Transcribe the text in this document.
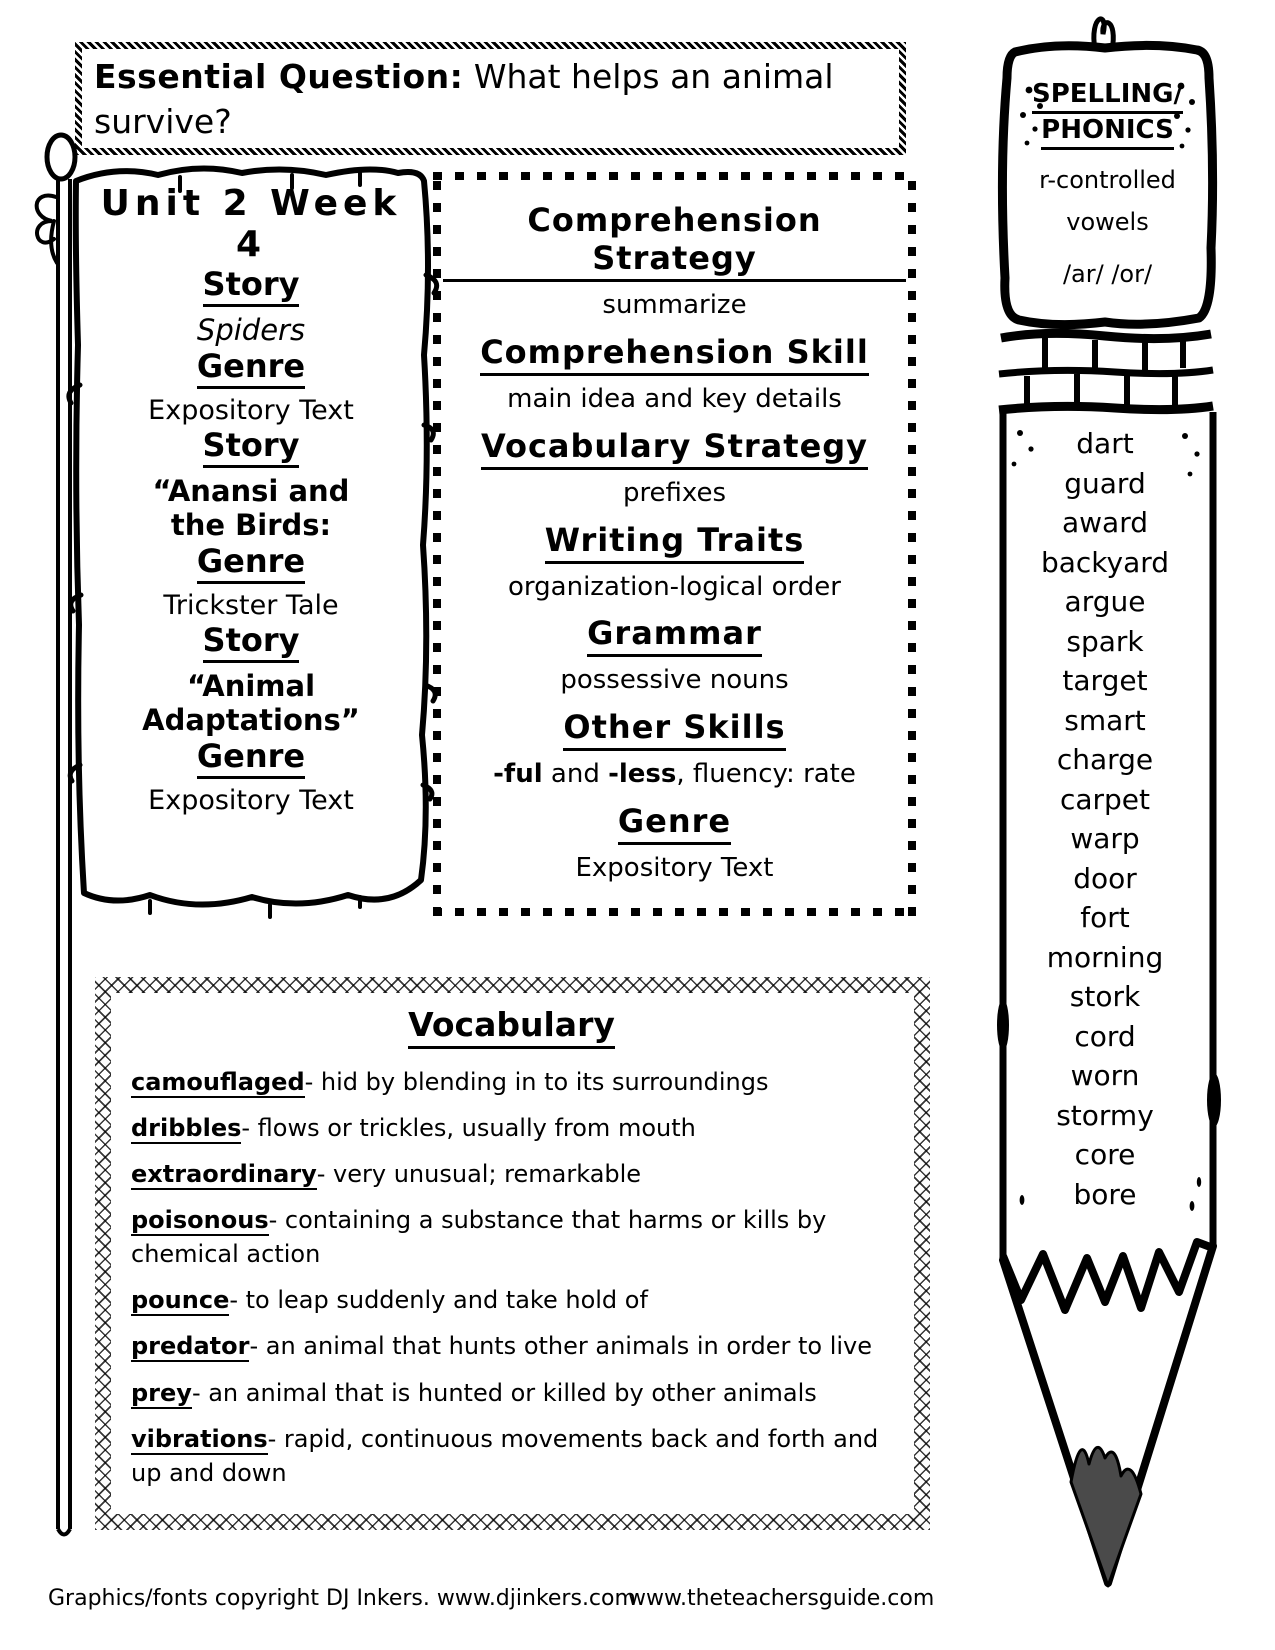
Essential Question: What helps an animal survive?
Unit 2 Week 4
Story
Spiders
Genre
Expository Text
Story
“Anansi and the Birds:
Genre
Trickster Tale
Story
“Animal Adaptations”
Genre
Expository Text
Comprehension Strategy
summarize
Comprehension Skill
main idea and key details
Vocabulary Strategy
prefixes
Writing Traits
organization-logical order
Grammar
possessive nouns
Other Skills
-ful and -less, fluency: rate
Genre
Expository Text
SPELLING/
PHONICS
r-controlled
vowels
/ar/ /or/
dart
guard
award
backyard
argue
spark
target
smart
charge
carpet
warp
door
fort
morning
stork
cord
worn
stormy
core
bore
Vocabulary
camouflaged- hid by blending in to its surroundings
dribbles- flows or trickles, usually from mouth
extraordinary- very unusual; remarkable
poisonous- containing a substance that harms or kills by chemical action
pounce- to leap suddenly and take hold of
predator- an animal that hunts other animals in order to live
prey- an animal that is hunted or killed by other animals
vibrations- rapid, continuous movements back and forth and up and down
Graphics/fonts copyright DJ Inkers. www.djinkers.com
www.theteachersguide.com
